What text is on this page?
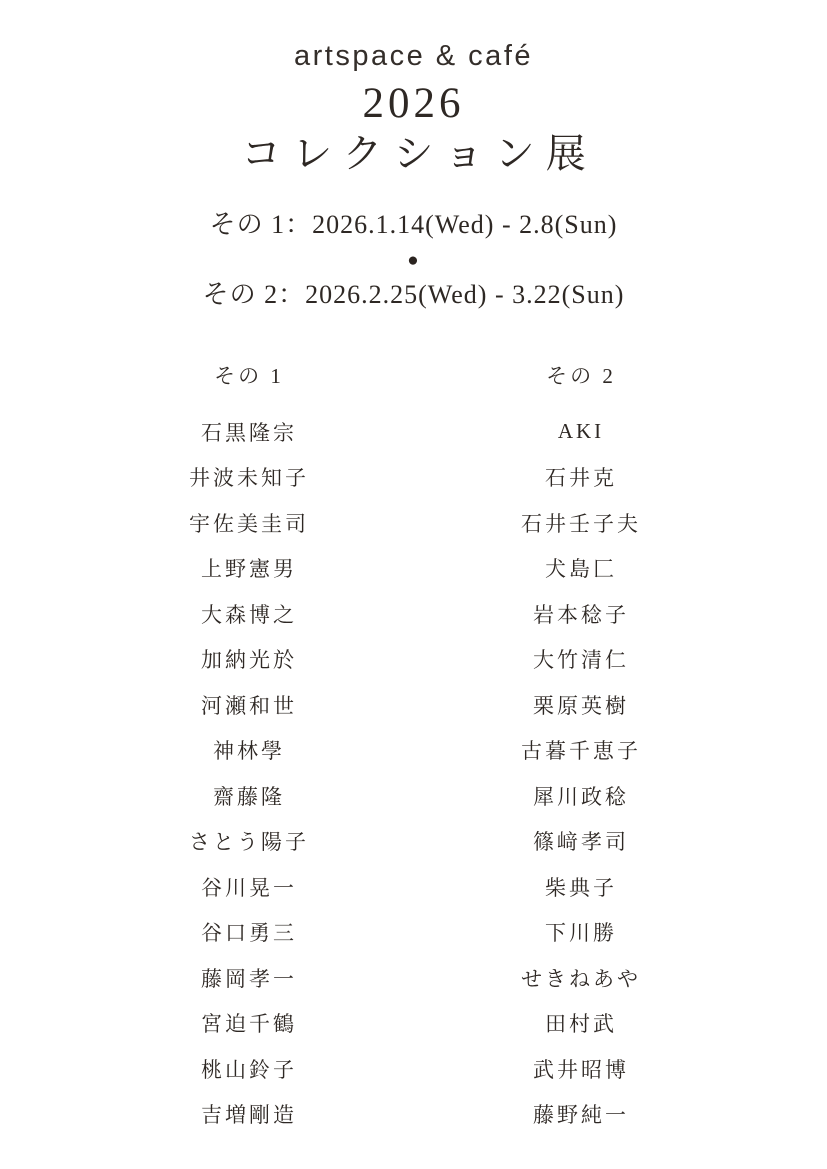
artspace & café
2026
コレクション展
その 1：2026.1.14(Wed) - 2.8(Sun)
●
その 2：2026.2.25(Wed) - 3.22(Sun)
その 1
石黒隆宗
井波未知子
宇佐美圭司
上野憲男
大森博之
加納光於
河瀬和世
神林學
齋藤隆
さとう陽子
谷川晃一
谷口勇三
藤岡孝一
宮迫千鶴
桃山鈴子
吉増剛造
その 2
AKI
石井克
石井壬子夫
犬島匚
岩本稔子
大竹清仁
栗原英樹
古暮千恵子
犀川政稔
篠﨑孝司
柴典子
下川勝
せきねあや
田村武
武井昭博
藤野純一
